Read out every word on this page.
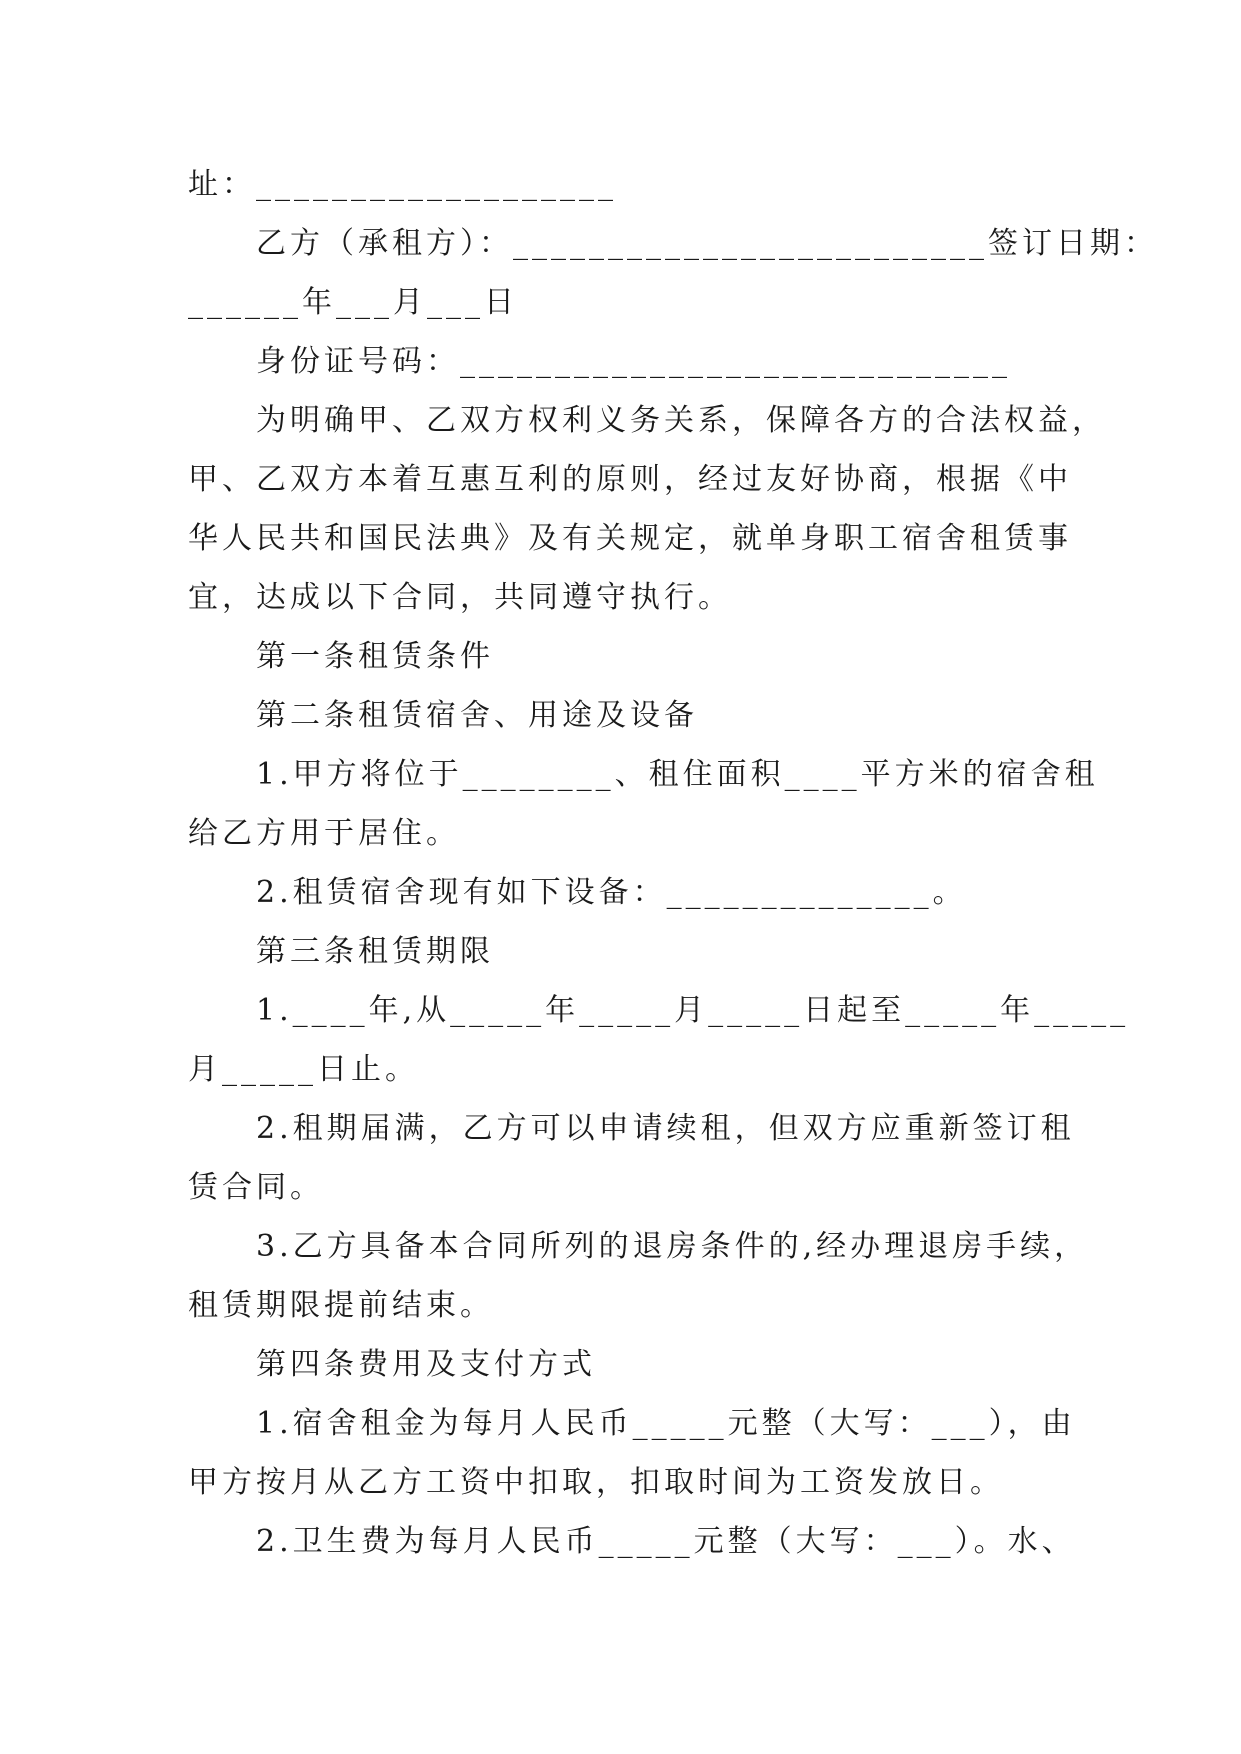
址：___________________
乙方（承租方）：_________________________签订日期：
______年___月___日
身份证号码：_____________________________
为明确甲、乙双方权利义务关系，保障各方的合法权益，
甲、乙双方本着互惠互利的原则，经过友好协商，根据《中
华人民共和国民法典》及有关规定，就单身职工宿舍租赁事
宜，达成以下合同，共同遵守执行。
第一条租赁条件
第二条租赁宿舍、用途及设备
1.甲方将位于________、租住面积____平方米的宿舍租
给乙方用于居住。
2.租赁宿舍现有如下设备：______________。
第三条租赁期限
1.____年,从_____年_____月_____日起至_____年_____
月_____日止。
2.租期届满，乙方可以申请续租，但双方应重新签订租
赁合同。
3.乙方具备本合同所列的退房条件的,经办理退房手续，
租赁期限提前结束。
第四条费用及支付方式
1.宿舍租金为每月人民币_____元整（大写：___），由
甲方按月从乙方工资中扣取，扣取时间为工资发放日。
2.卫生费为每月人民币_____元整（大写：___）。水、
